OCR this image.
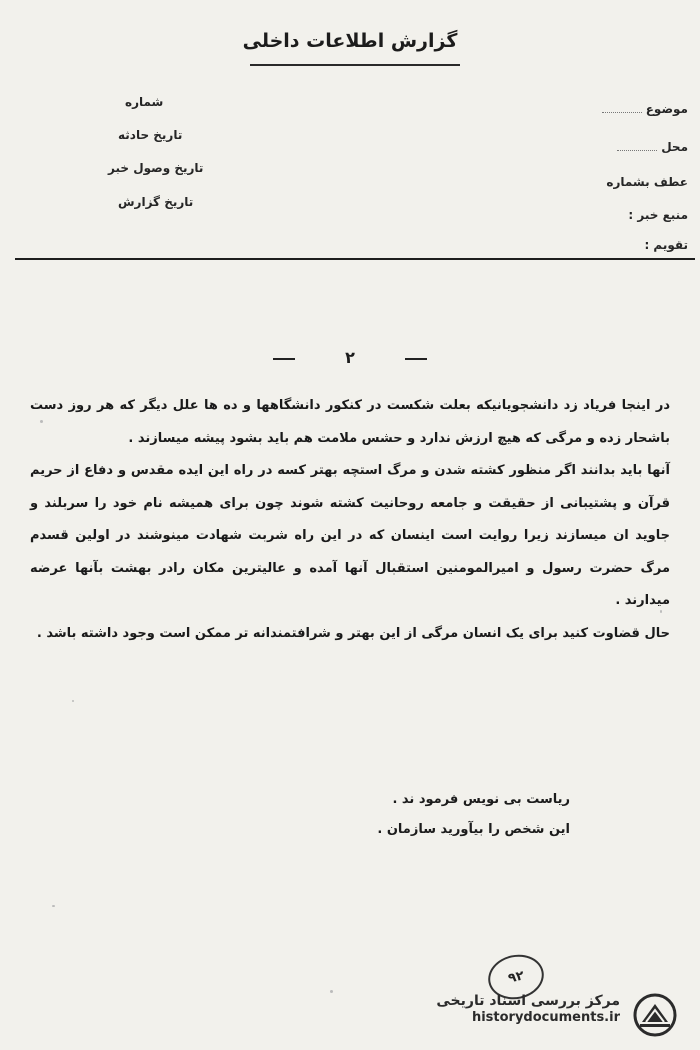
گزارش اطلاعات داخلی
شماره
تاریخ حادثه
تاریخ وصول خبر
تاریخ گزارش
موضوع
محل
عطف بشماره
منبع خبر :
تقویم :
۲

در اینجا فریاد زد دانشجویانیکه بعلت شکست در کنکور دانشگاهها و ده ها علل دیگر که هر روز دست باشحار زده و مرگی که هیچ ارزش ندارد و حشس ملامت هم باید بشود پیشه میسازند .

آنها باید بدانند اگر منظور کشته شدن و مرگ استچه بهتر کسه در راه این ایده مقدس و دفاع از حریم قرآن و پشتیبانی از حقیقت و جامعه روحانیت کشته شوند چون برای همیشه نام خود را سربلند و جاوید ان میسازند زیرا روایت است اینسان که در این راه شربت شهادت مینوشند در اولین قسدم مرگ حضرت رسول و امیرالمومنین استقبال آنها آمده و عالیترین مکان رادر بهشت بآنها عرضه میدارند .

حال قضاوت کنید برای یک انسان مرگی از این بهتر و شرافتمندانه تر ممکن است وجود داشته باشد .

ریاست بی نویس فرمود ند .

این شخص را بیآورید سازمان .

۹۲
مرکز بررسی اسناد تاریخی
historydocuments.ir
